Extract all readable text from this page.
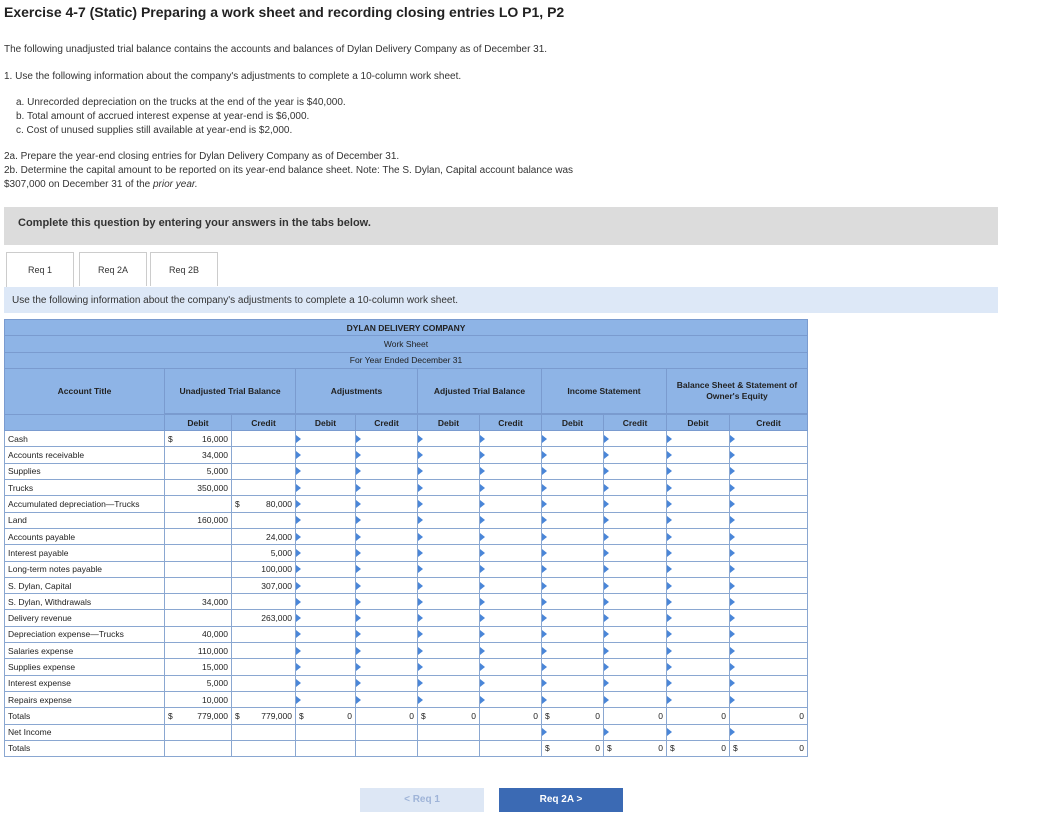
Exercise 4-7 (Static) Preparing a work sheet and recording closing entries LO P1, P2
The following unadjusted trial balance contains the accounts and balances of Dylan Delivery Company as of December 31.
1. Use the following information about the company's adjustments to complete a 10-column work sheet.
a. Unrecorded depreciation on the trucks at the end of the year is $40,000.
b. Total amount of accrued interest expense at year-end is $6,000.
c. Cost of unused supplies still available at year-end is $2,000.
2a. Prepare the year-end closing entries for Dylan Delivery Company as of December 31.
2b. Determine the capital amount to be reported on its year-end balance sheet. Note: The S. Dylan, Capital account balance was
$307,000 on December 31 of the prior year.
Complete this question by entering your answers in the tabs below.
Req 1	Req 2A	Req 2B
Use the following information about the company's adjustments to complete a 10-column work sheet.
DYLAN DELIVERY COMPANY										
Work Sheet										
For Year Ended December 31										
Account Title	Unadjusted Trial Balance		Adjustments		Adjusted Trial Balance		Income Statement		Balance Sheet & Statement of Owner's Equity	

	Debit	Credit	Debit	Credit	Debit	Credit	Debit	Credit	Debit	Credit
Cash	$ 16,000	

Accounts receivable	34,000	

Supplies	5,000	

Trucks	350,000	

Accumulated depreciation—Trucks		$ 80,000								
Land	160,000	

Accounts payable		24,000								
Interest payable		5,000								
Long-term notes payable		100,000								
S. Dylan, Capital		307,000								
S. Dylan, Withdrawals	34,000	

Delivery revenue		263,000								
Depreciation expense—Trucks	40,000	

Salaries expense	110,000	

Supplies expense	15,000	

Interest expense	5,000	

Repairs expense	10,000	

Totals	$ 779,000	$ 779,000	$ 0	0	$ 0	0	$ 0	0	0	0
Net Income										
Totals							$ 0	$ 0	$ 0	$ 0
< Req 1	Req 2A >
